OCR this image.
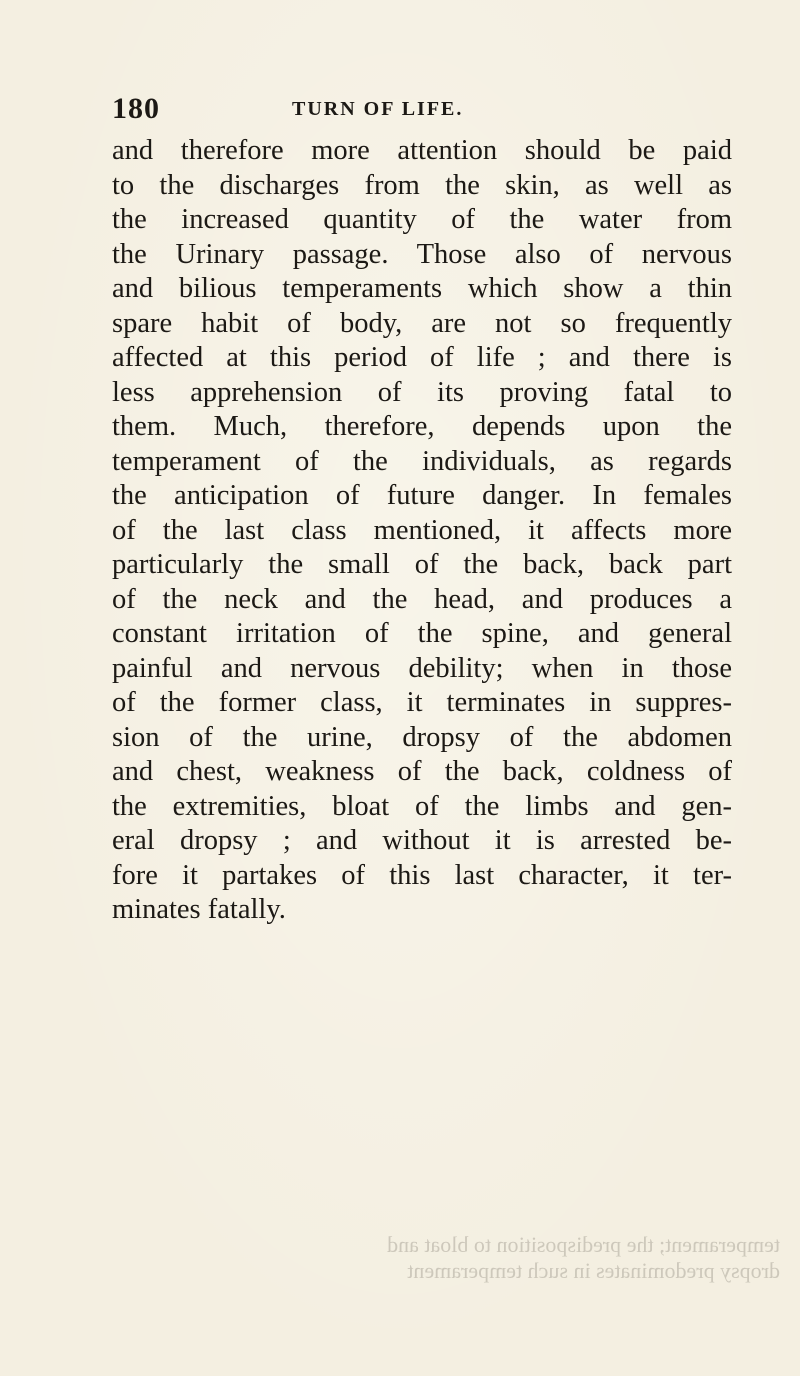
180	TURN OF LIFE.
and therefore more attention should be paid
to the discharges from the skin, as well as
the increased quantity of the water from
the Urinary passage. Those also of nervous
and bilious temperaments which show a thin
spare habit of body, are not so frequently
affected at this period of life ; and there is
less apprehension of its proving fatal to
them. Much, therefore, depends upon the
temperament of the individuals, as regards
the anticipation of future danger. In females
of the last class mentioned, it affects more
particularly the small of the back, back part
of the neck and the head, and produces a
constant irritation of the spine, and general
painful and nervous debility; when in those
of the former class, it terminates in suppres-
sion of the urine, dropsy of the abdomen
and chest, weakness of the back, coldness of
the extremities, bloat of the limbs and gen-
eral dropsy ; and without it is arrested be-
fore it partakes of this last character, it ter-
minates fatally.
temperament; the predisposition to bloat and
dropsy predominates in such temperament
